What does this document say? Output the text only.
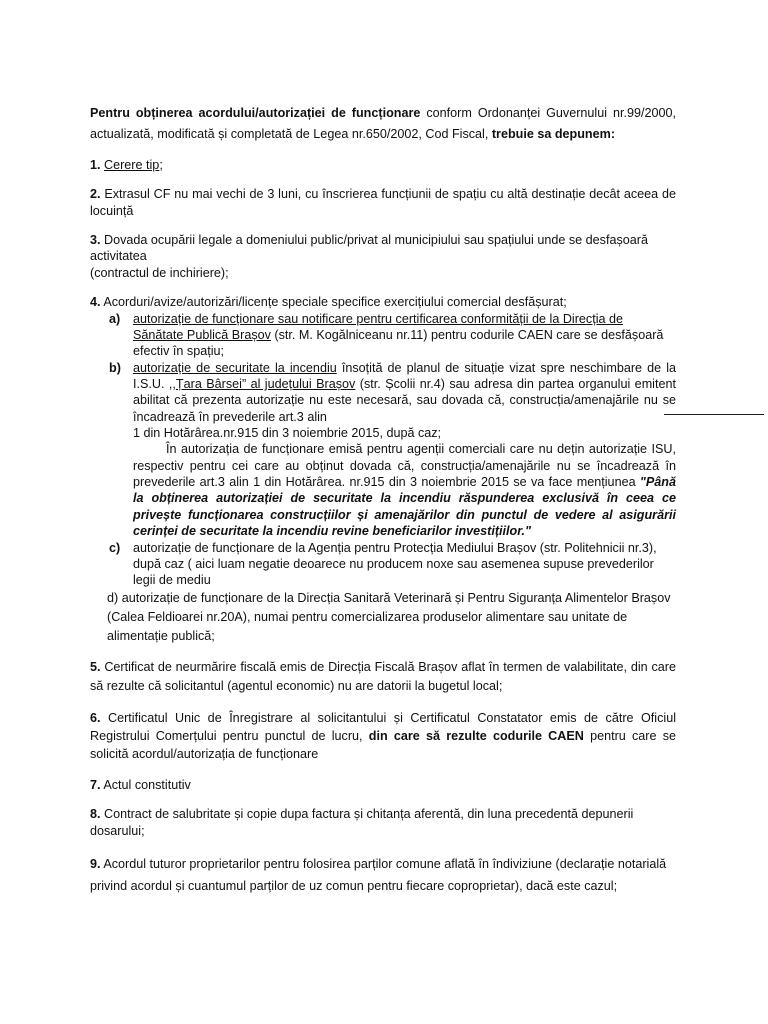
Pentru obținerea acordului/autorizației de funcționare conform Ordonanței Guvernului nr.99/2000, actualizată, modificată și completată de Legea nr.650/2002, Cod Fiscal, trebuie sa depunem:

1. Cerere tip;

2. Extrasul CF nu mai vechi de 3 luni, cu înscrierea funcțiunii de spațiu cu altă destinație decât aceea de locuință

3. Dovada ocupării legale a domeniului public/privat al municipiului sau spațiului unde se desfașoară activitatea

(contractul de inchiriere);

4. Acorduri/avize/autorizări/licențe speciale specifice exercițiului comercial desfășurat;

a) autorizație de funcționare sau notificare pentru certificarea conformității de la Direcția de Sănătate Publică Brașov (str. M. Kogălniceanu nr.11) pentru codurile CAEN care se desfășoară efectiv în spațiu;
b) autorizație de securitate la incendiu însoțită de planul de situație vizat spre neschimbare de la I.S.U. ,,Țara Bârsei” al județului Brașov (str. Școlii nr.4) sau adresa din partea organului emitent abilitat că prezenta autorizație nu este necesară, sau dovada că, construcția/amenajările nu se încadrează în prevederile art.3 alin

1 din Hotărârea.nr.915 din 3 noiembrie 2015, după caz;

În autorizația de funcționare emisă pentru agenții comerciali care nu dețin autorizație ISU, respectiv pentru cei care au obținut dovada că, construcția/amenajările nu se încadrează în prevederile art.3 alin 1 din Hotărârea. nr.915 din 3 noiembrie 2015 se va face mențiunea "Până la obținerea autorizației de securitate la incendiu răspunderea exclusivă în ceea ce privește funcționarea construcțiilor și amenajărilor din punctul de vedere al asigurării cerinței de securitate la incendiu revine beneficiarilor investițiilor."
c) autorizație de funcționare de la Agenția pentru Protecția Mediului Brașov (str. Politehnicii nr.3), după caz ( aici luam negatie deoarece nu producem noxe sau asemenea supuse prevederilor legii de mediu
d) autorizație de funcționare de la Direcția Sanitară Veterinară și Pentru Siguranța Alimentelor Brașov (Calea Feldioarei nr.20A), numai pentru comercializarea produselor alimentare sau unitate de alimentație publică;

5. Certificat de neurmărire fiscală emis de Direcția Fiscală Brașov aflat în termen de valabilitate, din care să rezulte că solicitantul (agentul economic) nu are datorii la bugetul local;

6. Certificatul Unic de Înregistrare al solicitantului și Certificatul Constatator emis de către Oficiul Registrului Comerțului pentru punctul de lucru, din care să rezulte codurile CAEN pentru care se solicită acordul/autorizația de funcționare

7. Actul constitutiv

8. Contract de salubritate și copie dupa factura și chitanța aferentă, din luna precedentă depunerii dosarului;

9. Acordul tuturor proprietarilor pentru folosirea parților comune aflată în îndiviziune (declarație notarială privind acordul și cuantumul parților de uz comun pentru fiecare coproprietar), dacă este cazul;
